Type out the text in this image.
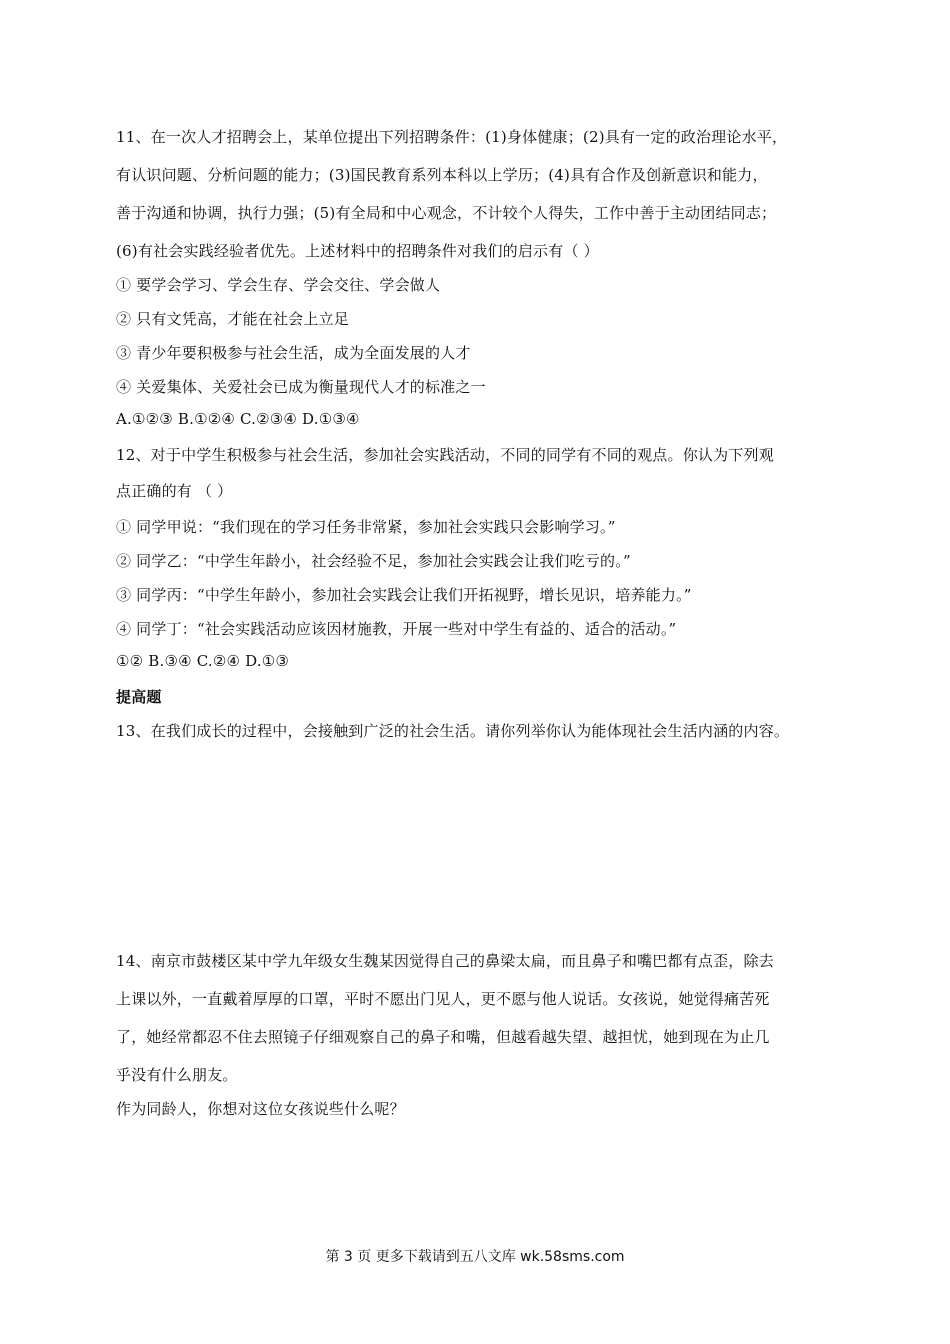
11、在一次人才招聘会上，某单位提出下列招聘条件：(1)身体健康；(2)具有一定的政治理论水平，
有认识问题、分析问题的能力；(3)国民教育系列本科以上学历；(4)具有合作及创新意识和能力，
善于沟通和协调，执行力强；(5)有全局和中心观念，不计较个人得失，工作中善于主动团结同志；
(6)有社会实践经验者优先。上述材料中的招聘条件对我们的启示有（ ）
① 要学会学习、学会生存、学会交往、学会做人
② 只有文凭高，才能在社会上立足
③ 青少年要积极参与社会生活，成为全面发展的人才
④ 关爱集体、关爱社会已成为衡量现代人才的标准之一
A.①②③ B.①②④ C.②③④ D.①③④
12、对于中学生积极参与社会生活，参加社会实践活动，不同的同学有不同的观点。你认为下列观
点正确的有 （ ）
① 同学甲说：“我们现在的学习任务非常紧，参加社会实践只会影响学习。”
② 同学乙：“中学生年龄小，社会经验不足，参加社会实践会让我们吃亏的。”
③ 同学丙：“中学生年龄小，参加社会实践会让我们开拓视野，增长见识，培养能力。”
④ 同学丁：“社会实践活动应该因材施教，开展一些对中学生有益的、适合的活动。”
①② B.③④ C.②④ D.①③
提高题
13、在我们成长的过程中，会接触到广泛的社会生活。请你列举你认为能体现社会生活内涵的内容。
14、南京市鼓楼区某中学九年级女生魏某因觉得自己的鼻梁太扁，而且鼻子和嘴巴都有点歪，除去
上课以外，一直戴着厚厚的口罩，平时不愿出门见人，更不愿与他人说话。女孩说，她觉得痛苦死
了，她经常都忍不住去照镜子仔细观察自己的鼻子和嘴，但越看越失望、越担忧，她到现在为止几
乎没有什么朋友。
作为同龄人，你想对这位女孩说些什么呢？
第 3 页 更多下载请到五八文库 wk.58sms.com
